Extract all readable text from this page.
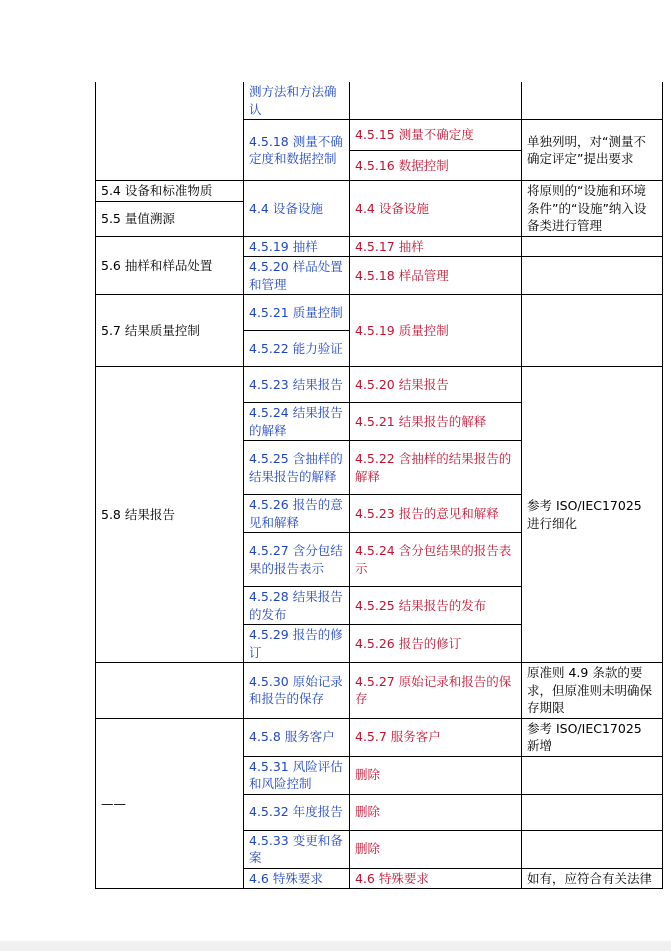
	测方法和方法确认		
	4.5.18 测量不确定度和数据控制	4.5.15 测量不确定度	单独列明，对“测量不确定评定”提出要求
		4.5.16 数据控制	
5.4 设备和标准物质	4.4 设备设施	4.4 设备设施	将原则的“设施和环境条件”的“设施”纳入设备类进行管理
5.5 量值溯源			
5.6 抽样和样品处置	4.5.19 抽样	4.5.17 抽样	
	4.5.20 样品处置和管理	4.5.18 样品管理	
5.7 结果质量控制	4.5.21 质量控制	4.5.19 质量控制	
	4.5.22 能力验证		
5.8 结果报告	4.5.23 结果报告	4.5.20 结果报告	参考 ISO/IEC17025 进行细化
	4.5.24 结果报告的解释	4.5.21 结果报告的解释	
	4.5.25 含抽样的结果报告的解释	4.5.22 含抽样的结果报告的解释	
	4.5.26 报告的意见和解释	4.5.23 报告的意见和解释	
	4.5.27 含分包结果的报告表示	4.5.24 含分包结果的报告表示	
	4.5.28 结果报告的发布	4.5.25 结果报告的发布	
	4.5.29 报告的修订	4.5.26 报告的修订	
	4.5.30 原始记录和报告的保存	4.5.27 原始记录和报告的保存	原准则 4.9 条款的要求，但原准则未明确保存期限
——	4.5.8 服务客户	4.5.7 服务客户	参考 ISO/IEC17025 新增
	4.5.31 风险评估和风险控制	删除	
	4.5.32 年度报告	删除	
	4.5.33 变更和备案	删除	
	4.6 特殊要求	4.6 特殊要求	如有，应符合有关法律
